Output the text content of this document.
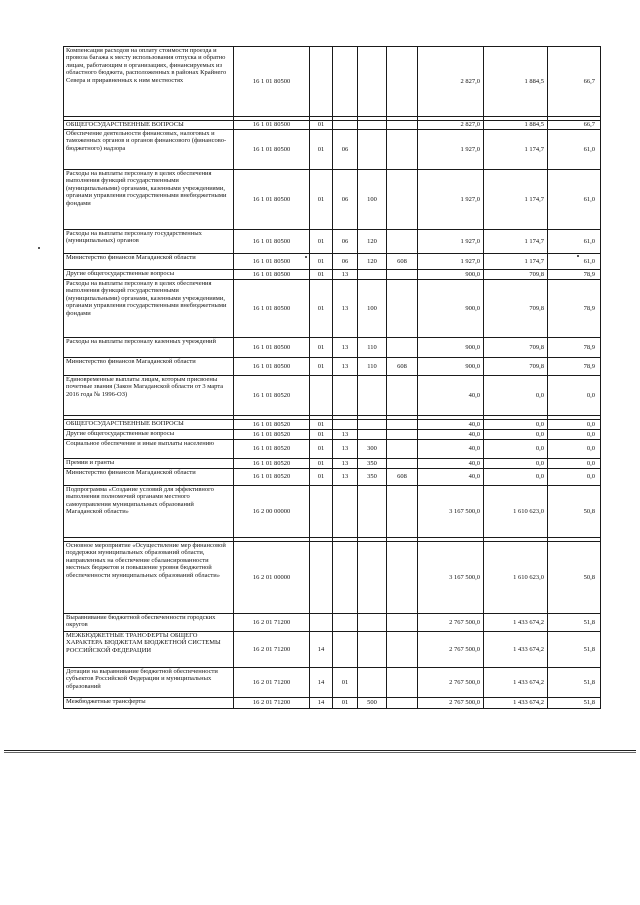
Компенсация расходов на оплату стоимости проезда и провоза багажа к месту использования отпуска и обратно лицам, работающим в организациях, финансируемых из областного бюджета, расположенных в районах Крайнего Севера и приравненных к ним местностях	16 1 01 80500					2 827,0	1 884,5	66,7

ОБЩЕГОСУДАРСТВЕННЫЕ ВОПРОСЫ	16 1 01 80500	01				2 827,0	1 884,5	66,7
Обеспечение деятельности финансовых, налоговых и таможенных органов и органов финансового (финансово-бюджетного) надзора	16 1 01 80500	01	06			1 927,0	1 174,7	61,0
Расходы на выплаты персоналу в целях обеспечения выполнения функций государственными (муниципальными) органами, казенными учреждениями, органами управления государственными внебюджетными фондами	16 1 01 80500	01	06	100		1 927,0	1 174,7	61,0
Расходы на выплаты персоналу государственных (муниципальных) органов	16 1 01 80500	01	06	120		1 927,0	1 174,7	61,0
Министерство финансов Магаданской области	16 1 01 80500	01	06	120	608	1 927,0	1 174,7	61,0
Другие общегосударственные вопросы	16 1 01 80500	01	13			900,0	709,8	78,9
Расходы на выплаты персоналу в целях обеспечения выполнения функций государственными (муниципальными) органами, казенными учреждениями, органами управления государственными внебюджетными фондами	16 1 01 80500	01	13	100		900,0	709,8	78,9
Расходы на выплаты персоналу казенных учреждений	16 1 01 80500	01	13	110		900,0	709,8	78,9
Министерство финансов Магаданской области	16 1 01 80500	01	13	110	608	900,0	709,8	78,9
Единовременные выплаты лицам, которым присвоены почетные звания (Закон Магаданской области от 3 марта 2016 года № 1996-ОЗ)	16 1 01 80520					40,0	0,0	0,0

ОБЩЕГОСУДАРСТВЕННЫЕ ВОПРОСЫ	16 1 01 80520	01				40,0	0,0	0,0
Другие общегосударственные вопросы	16 1 01 80520	01	13			40,0	0,0	0,0
Социальное обеспечение и иные выплаты населению	16 1 01 80520	01	13	300		40,0	0,0	0,0
Премии и гранты	16 1 01 80520	01	13	350		40,0	0,0	0,0
Министерство финансов Магаданской области	16 1 01 80520	01	13	350	608	40,0	0,0	0,0
Подпрограмма «Создание условий для эффективного выполнения полномочий органами местного самоуправления муниципальных образований Магаданской области»	16 2 00 00000					3 167 500,0	1 610 623,0	50,8

Основное мероприятие «Осуществление мер финансовой поддержки муниципальных образований области, направленных на обеспечение сбалансированности местных бюджетов и повышение уровня бюджетной обеспеченности муниципальных образований области»	16 2 01 00000					3 167 500,0	1 610 623,0	50,8
Выравнивание бюджетной обеспеченности городских округов	16 2 01 71200					2 767 500,0	1 433 674,2	51,8
МЕЖБЮДЖЕТНЫЕ ТРАНСФЕРТЫ ОБЩЕГО ХАРАКТЕРА БЮДЖЕТАМ БЮДЖЕТНОЙ СИСТЕМЫ РОССИЙСКОЙ ФЕДЕРАЦИИ	16 2 01 71200	14				2 767 500,0	1 433 674,2	51,8
Дотации на выравнивание бюджетной обеспеченности субъектов Российской Федерации и муниципальных образований	16 2 01 71200	14	01			2 767 500,0	1 433 674,2	51,8
Межбюджетные трансферты	16 2 01 71200	14	01	500		2 767 500,0	1 433 674,2	51,8
